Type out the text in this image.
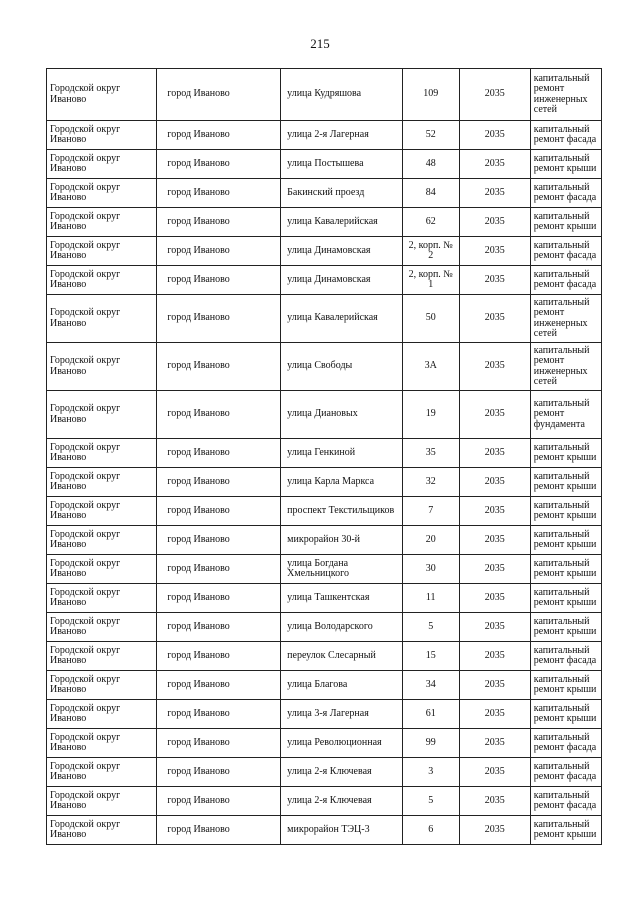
215
Городской округ Иваново	город Иваново	улица Кудряшова	109	2035	капитальный ремонт инженерных сетей
Городской округ Иваново	город Иваново	улица 2-я Лагерная	52	2035	капитальный ремонт фасада
Городской округ Иваново	город Иваново	улица Постышева	48	2035	капитальный ремонт крыши
Городской округ Иваново	город Иваново	Бакинский проезд	84	2035	капитальный ремонт фасада
Городской округ Иваново	город Иваново	улица Кавалерийская	62	2035	капитальный ремонт крыши
Городской округ Иваново	город Иваново	улица Динамовская	2, корп. № 2	2035	капитальный ремонт фасада
Городской округ Иваново	город Иваново	улица Динамовская	2, корп. № 1	2035	капитальный ремонт фасада
Городской округ Иваново	город Иваново	улица Кавалерийская	50	2035	капитальный ремонт инженерных сетей
Городской округ Иваново	город Иваново	улица Свободы	3А	2035	капитальный ремонт инженерных сетей
Городской округ Иваново	город Иваново	улица Диановых	19	2035	капитальный ремонт фундамента
Городской округ Иваново	город Иваново	улица Генкиной	35	2035	капитальный ремонт крыши
Городской округ Иваново	город Иваново	улица Карла Маркса	32	2035	капитальный ремонт крыши
Городской округ Иваново	город Иваново	проспект Текстильщиков	7	2035	капитальный ремонт крыши
Городской округ Иваново	город Иваново	микрорайон 30-й	20	2035	капитальный ремонт крыши
Городской округ Иваново	город Иваново	улица Богдана Хмельницкого	30	2035	капитальный ремонт крыши
Городской округ Иваново	город Иваново	улица Ташкентская	11	2035	капитальный ремонт крыши
Городской округ Иваново	город Иваново	улица Володарского	5	2035	капитальный ремонт крыши
Городской округ Иваново	город Иваново	переулок Слесарный	15	2035	капитальный ремонт фасада
Городской округ Иваново	город Иваново	улица Благова	34	2035	капитальный ремонт крыши
Городской округ Иваново	город Иваново	улица 3-я Лагерная	61	2035	капитальный ремонт крыши
Городской округ Иваново	город Иваново	улица Революционная	99	2035	капитальный ремонт фасада
Городской округ Иваново	город Иваново	улица 2-я Ключевая	3	2035	капитальный ремонт фасада
Городской округ Иваново	город Иваново	улица 2-я Ключевая	5	2035	капитальный ремонт фасада
Городской округ Иваново	город Иваново	микрорайон ТЭЦ-3	6	2035	капитальный ремонт крыши
